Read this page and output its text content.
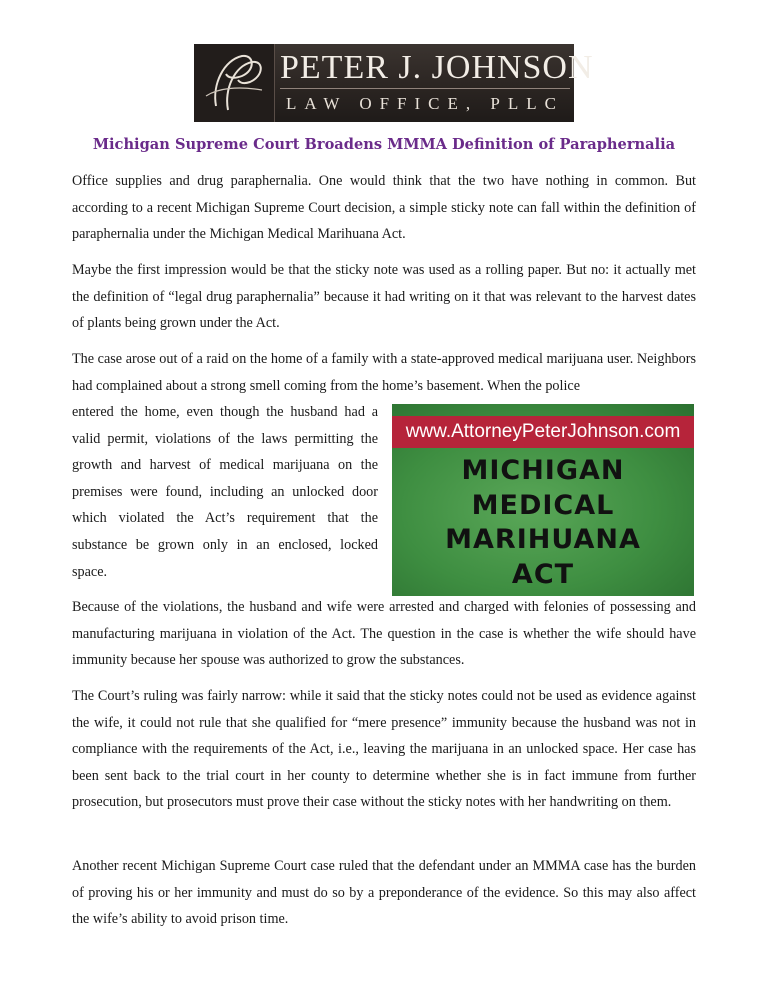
PETER J. JOHNSON
LAW OFFICE, PLLC
Michigan Supreme Court Broadens MMMA Definition of Paraphernalia

Office supplies and drug paraphernalia. One would think that the two have nothing in common. But according to a recent Michigan Supreme Court decision, a simple sticky note can fall within the definition of paraphernalia under the Michigan Medical Marihuana Act.

Maybe the first impression would be that the sticky note was used as a rolling paper. But no: it actually met the definition of “legal drug paraphernalia” because it had writing on it that was relevant to the harvest dates of plants being grown under the Act.

The case arose out of a raid on the home of a family with a state-approved medical marijuana user. Neighbors had complained about a strong smell coming from the home’s basement. When the police

entered the home, even though the husband had a valid permit, violations of the laws permitting the growth and harvest of medical marijuana on the premises were found, including an unlocked door which violated the Act’s requirement that the substance be grown only in an enclosed, locked space.

www.AttorneyPeterJohnson.com
MICHIGAN
MEDICAL
MARIHUANA
ACT

Because of the violations, the husband and wife were arrested and charged with felonies of possessing and manufacturing marijuana in violation of the Act. The question in the case is whether the wife should have immunity because her spouse was authorized to grow the substances.

The Court’s ruling was fairly narrow: while it said that the sticky notes could not be used as evidence against the wife, it could not rule that she qualified for “mere presence” immunity because the husband was not in compliance with the requirements of the Act, i.e., leaving the marijuana in an unlocked space. Her case has been sent back to the trial court in her county to determine whether she is in fact immune from further prosecution, but prosecutors must prove their case without the sticky notes with her handwriting on them.

Another recent Michigan Supreme Court case ruled that the defendant under an MMMA case has the burden of proving his or her immunity and must do so by a preponderance of the evidence. So this may also affect the wife’s ability to avoid prison time.
